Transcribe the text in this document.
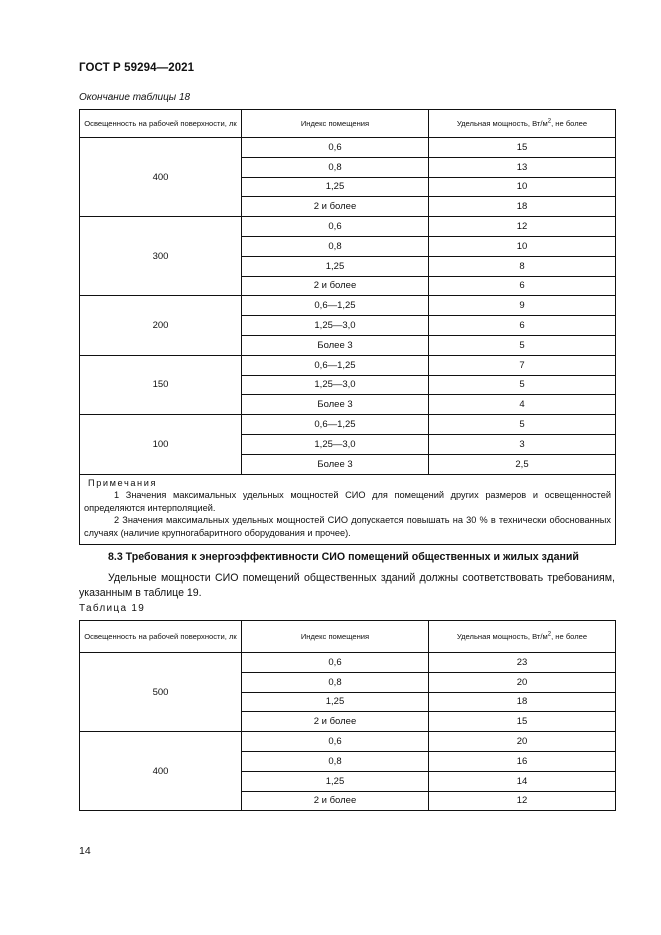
ГОСТ Р 59294—2021
Окончание таблицы 18
Освещенность на рабочей поверхности, лк	Индекс помещения	Удельная мощность, $Вт/м^2$, не более
400	0,6	15
	0,8	13
	1,25	10
	2 и более	18
300	0,6	12
	0,8	10
	1,25	8
	2 и более	6
200	0,6—1,25	9
	1,25—3,0	6
	Более 3	5
150	0,6—1,25	7
	1,25—3,0	5
	Более 3	4
100	0,6—1,25	5
	1,25—3,0	3
	Более 3	2,5

Примечания
1 Значения максимальных удельных мощностей СИО для помещений других размеров и освещенностей определяются интерполяцией.
2 Значения максимальных удельных мощностей СИО допускается повышать на 30 % в технически обоснованных случаях (наличие крупногабаритного оборудования и прочее).		
8.3 Требования к энергоэффективности СИО помещений общественных и жилых зданий
Удельные мощности СИО помещений общественных зданий должны соответствовать требованиям, указанным в таблице 19.
Таблица 19
Освещенность на рабочей поверхности, лк	Индекс помещения	Удельная мощность, $Вт/м^2$, не более
500	0,6	23
	0,8	20
	1,25	18
	2 и более	15
400	0,6	20
	0,8	16
	1,25	14
	2 и более	12
14
